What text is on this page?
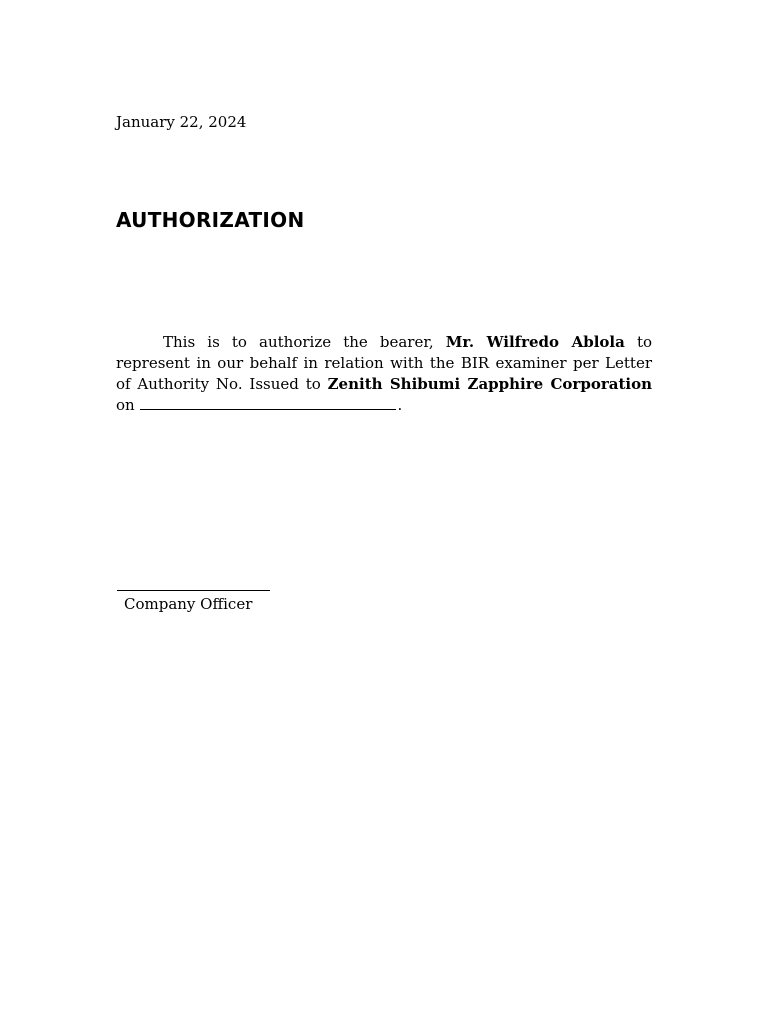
January 22, 2024
AUTHORIZATION

This is to authorize the bearer, Mr. Wilfredo Ablola to represent in our behalf in relation with the BIR examiner per Letter of Authority No. Issued to Zenith Shibumi Zapphire Corporation on	.

Company Officer
